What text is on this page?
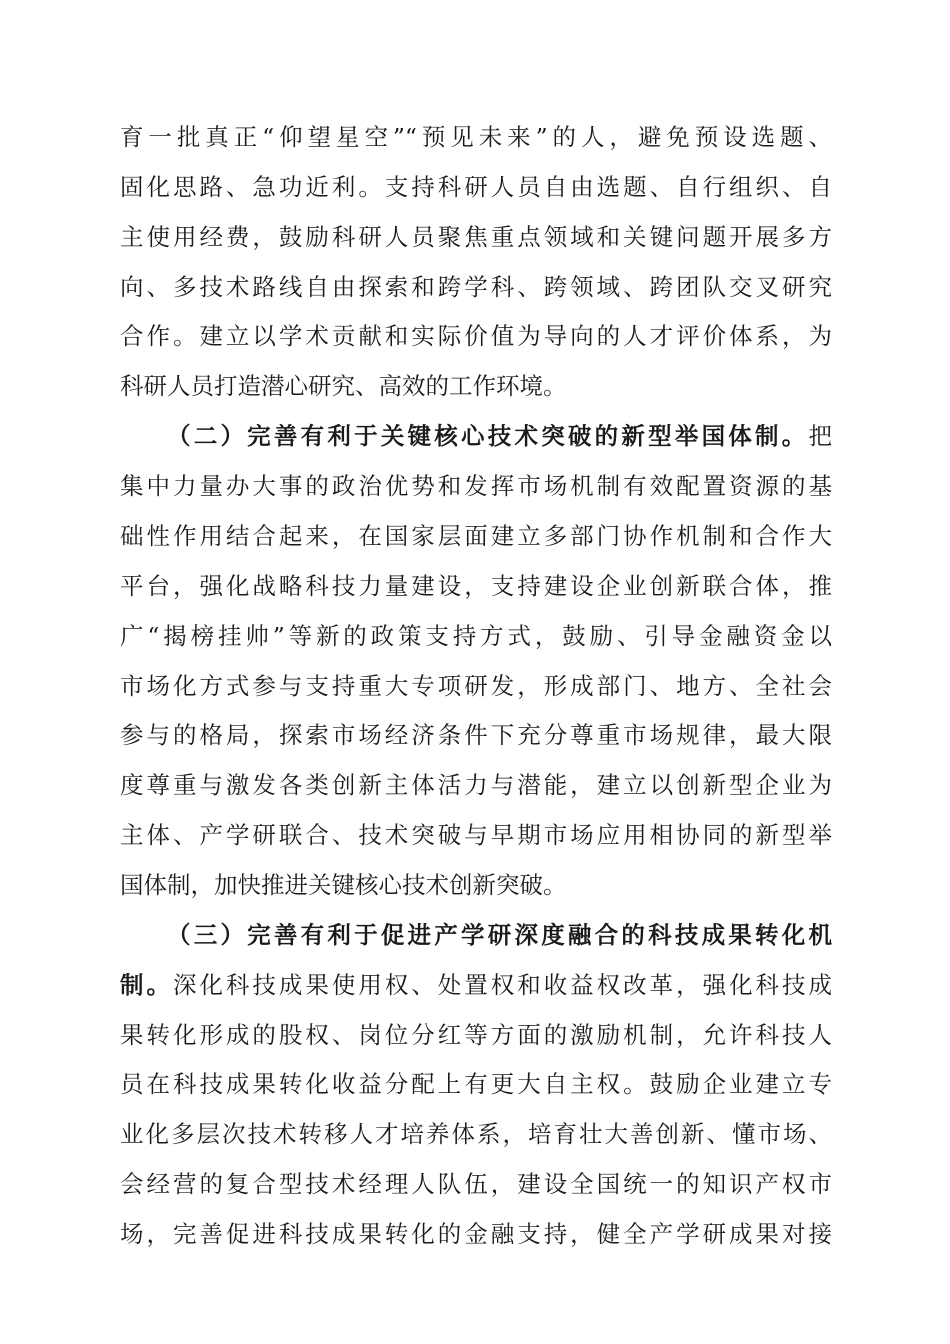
育一批真正“仰望星空”“预见未来”的人，避免预设选题、
固化思路、急功近利。支持科研人员自由选题、自行组织、自
主使用经费，鼓励科研人员聚焦重点领域和关键问题开展多方
向、多技术路线自由探索和跨学科、跨领域、跨团队交叉研究
合作。建立以学术贡献和实际价值为导向的人才评价体系，为
科研人员打造潜心研究、高效的工作环境。
（二）完善有利于关键核心技术突破的新型举国体制。把
集中力量办大事的政治优势和发挥市场机制有效配置资源的基
础性作用结合起来，在国家层面建立多部门协作机制和合作大
平台，强化战略科技力量建设，支持建设企业创新联合体，推
广“揭榜挂帅”等新的政策支持方式，鼓励、引导金融资金以
市场化方式参与支持重大专项研发，形成部门、地方、全社会
参与的格局，探索市场经济条件下充分尊重市场规律，最大限
度尊重与激发各类创新主体活力与潜能，建立以创新型企业为
主体、产学研联合、技术突破与早期市场应用相协同的新型举
国体制，加快推进关键核心技术创新突破。
（三）完善有利于促进产学研深度融合的科技成果转化机
制。深化科技成果使用权、处置权和收益权改革，强化科技成
果转化形成的股权、岗位分红等方面的激励机制，允许科技人
员在科技成果转化收益分配上有更大自主权。鼓励企业建立专
业化多层次技术转移人才培养体系，培育壮大善创新、懂市场、
会经营的复合型技术经理人队伍，建设全国统一的知识产权市
场，完善促进科技成果转化的金融支持，健全产学研成果对接
